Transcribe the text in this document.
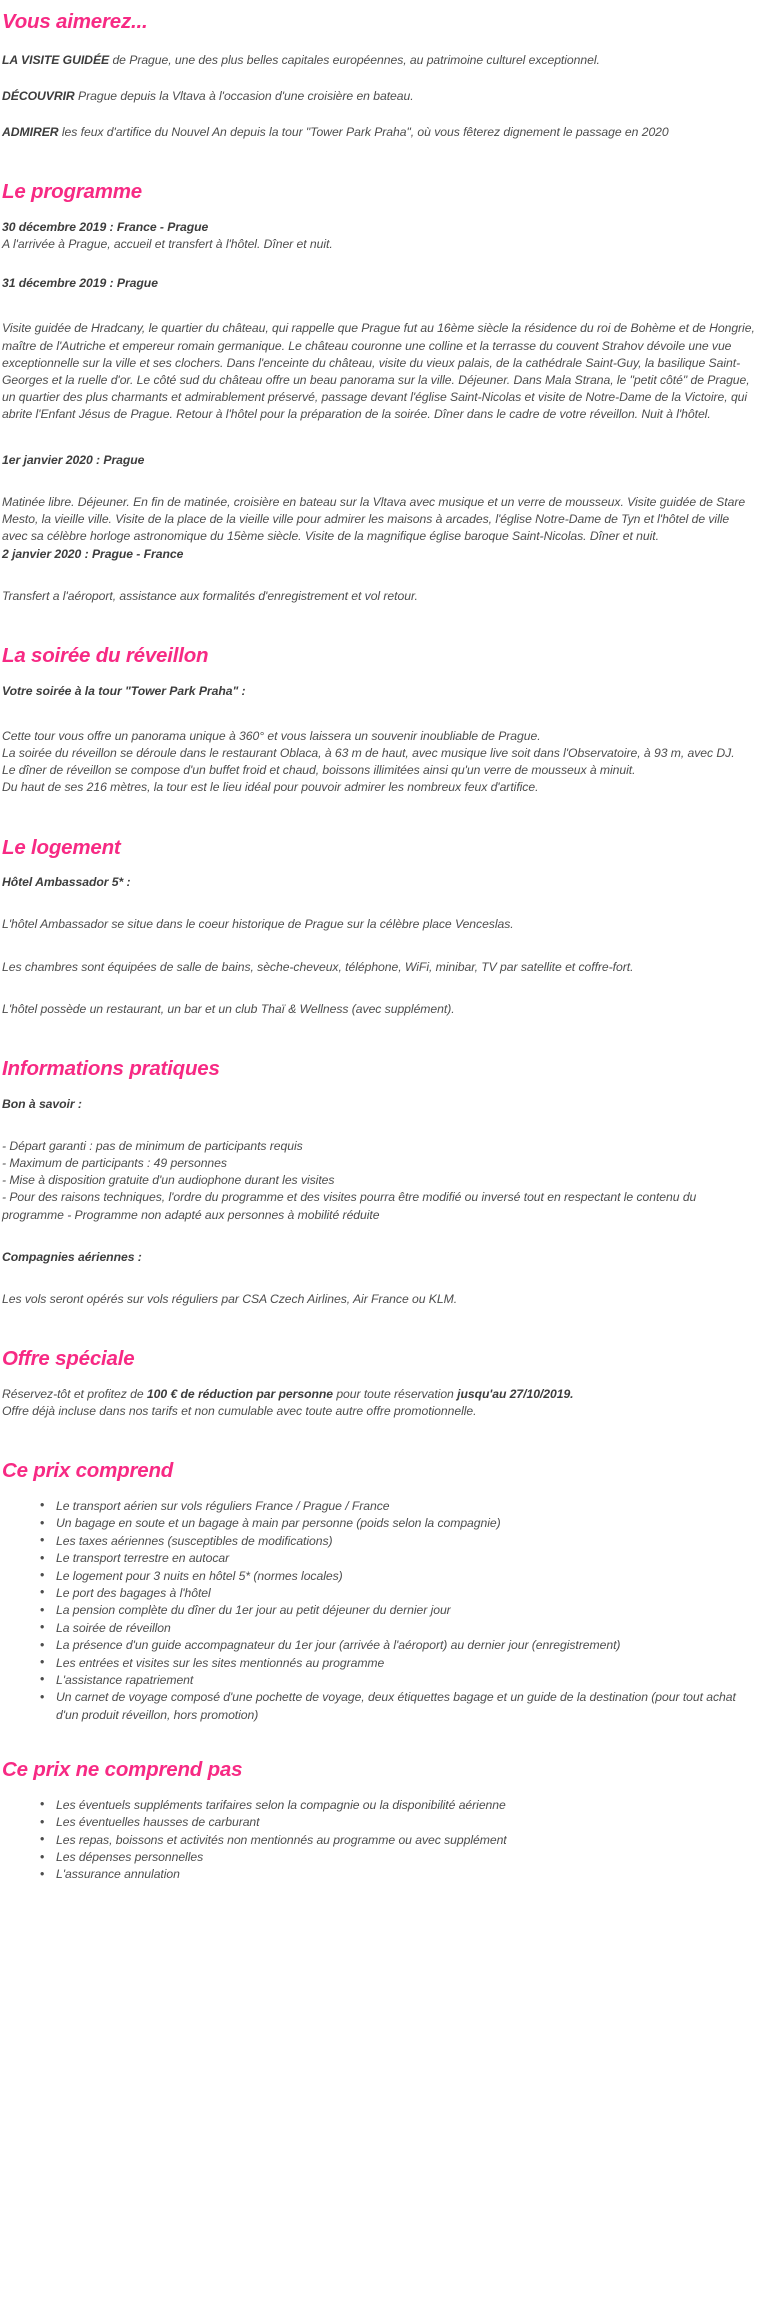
Vous aimerez...

LA VISITE GUIDÉE de Prague, une des plus belles capitales européennes, au patrimoine culturel exceptionnel.

DÉCOUVRIR Prague depuis la Vltava à l'occasion d'une croisière en bateau.

ADMIRER les feux d'artifice du Nouvel An depuis la tour "Tower Park Praha", où vous fêterez dignement le passage en 2020

Le programme

30 décembre 2019 : France - Prague

A l'arrivée à Prague, accueil et transfert à l'hôtel. Dîner et nuit.

31 décembre 2019 : Prague

Visite guidée de Hradcany, le quartier du château, qui rappelle que Prague fut au 16ème siècle la résidence du roi de Bohème et de Hongrie, maître de l'Autriche et empereur romain germanique. Le château couronne une colline et la terrasse du couvent Strahov dévoile une vue exceptionnelle sur la ville et ses clochers. Dans l'enceinte du château, visite du vieux palais, de la cathédrale Saint-Guy, la basilique Saint-Georges et la ruelle d'or. Le côté sud du château offre un beau panorama sur la ville. Déjeuner. Dans Mala Strana, le "petit côté" de Prague, un quartier des plus charmants et admirablement préservé, passage devant l'église Saint-Nicolas et visite de Notre-Dame de la Victoire, qui abrite l'Enfant Jésus de Prague. Retour à l'hôtel pour la préparation de la soirée. Dîner dans le cadre de votre réveillon. Nuit à l'hôtel.

1er janvier 2020 : Prague

Matinée libre. Déjeuner. En fin de matinée, croisière en bateau sur la Vltava avec musique et un verre de mousseux. Visite guidée de Stare Mesto, la vieille ville. Visite de la place de la vieille ville pour admirer les maisons à arcades, l'église Notre-Dame de Tyn et l'hôtel de ville avec sa célèbre horloge astronomique du 15ème siècle. Visite de la magnifique église baroque Saint-Nicolas. Dîner et nuit.

2 janvier 2020 : Prague - France

Transfert a l'aéroport, assistance aux formalités d'enregistrement et vol retour.

La soirée du réveillon

Votre soirée à la tour "Tower Park Praha" :

Cette tour vous offre un panorama unique à 360° et vous laissera un souvenir inoubliable de Prague.

La soirée du réveillon se déroule dans le restaurant Oblaca, à 63 m de haut, avec musique live soit dans l'Observatoire, à 93 m, avec DJ.

Le dîner de réveillon se compose d'un buffet froid et chaud, boissons illimitées ainsi qu'un verre de mousseux à minuit.

Du haut de ses 216 mètres, la tour est le lieu idéal pour pouvoir admirer les nombreux feux d'artifice.

Le logement

Hôtel Ambassador 5* :

L'hôtel Ambassador se situe dans le coeur historique de Prague sur la célèbre place Venceslas.

Les chambres sont équipées de salle de bains, sèche-cheveux, téléphone, WiFi, minibar, TV par satellite et coffre-fort.

L'hôtel possède un restaurant, un bar et un club Thaï & Wellness (avec supplément).

Informations pratiques

Bon à savoir :

- Départ garanti : pas de minimum de participants requis

- Maximum de participants : 49 personnes

- Mise à disposition gratuite d'un audiophone durant les visites

- Pour des raisons techniques, l'ordre du programme et des visites pourra être modifié ou inversé tout en respectant le contenu du programme - Programme non adapté aux personnes à mobilité réduite

Compagnies aériennes :

Les vols seront opérés sur vols réguliers par CSA Czech Airlines, Air France ou KLM.

Offre spéciale

Réservez-tôt et profitez de 100 € de réduction par personne pour toute réservation jusqu'au 27/10/2019.

Offre déjà incluse dans nos tarifs et non cumulable avec toute autre offre promotionnelle.

Ce prix comprend
• Le transport aérien sur vols réguliers France / Prague / France
• Un bagage en soute et un bagage à main par personne (poids selon la compagnie)
• Les taxes aériennes (susceptibles de modifications)
• Le transport terrestre en autocar
• Le logement pour 3 nuits en hôtel 5* (normes locales)
• Le port des bagages à l'hôtel
• La pension complète du dîner du 1er jour au petit déjeuner du dernier jour
• La soirée de réveillon
• La présence d'un guide accompagnateur du 1er jour (arrivée à l'aéroport) au dernier jour (enregistrement)
• Les entrées et visites sur les sites mentionnés au programme
• L'assistance rapatriement
• Un carnet de voyage composé d'une pochette de voyage, deux étiquettes bagage et un guide de la destination (pour tout achat d'un produit réveillon, hors promotion)
Ce prix ne comprend pas
• Les éventuels suppléments tarifaires selon la compagnie ou la disponibilité aérienne
• Les éventuelles hausses de carburant
• Les repas, boissons et activités non mentionnés au programme ou avec supplément
• Les dépenses personnelles
• L'assurance annulation
